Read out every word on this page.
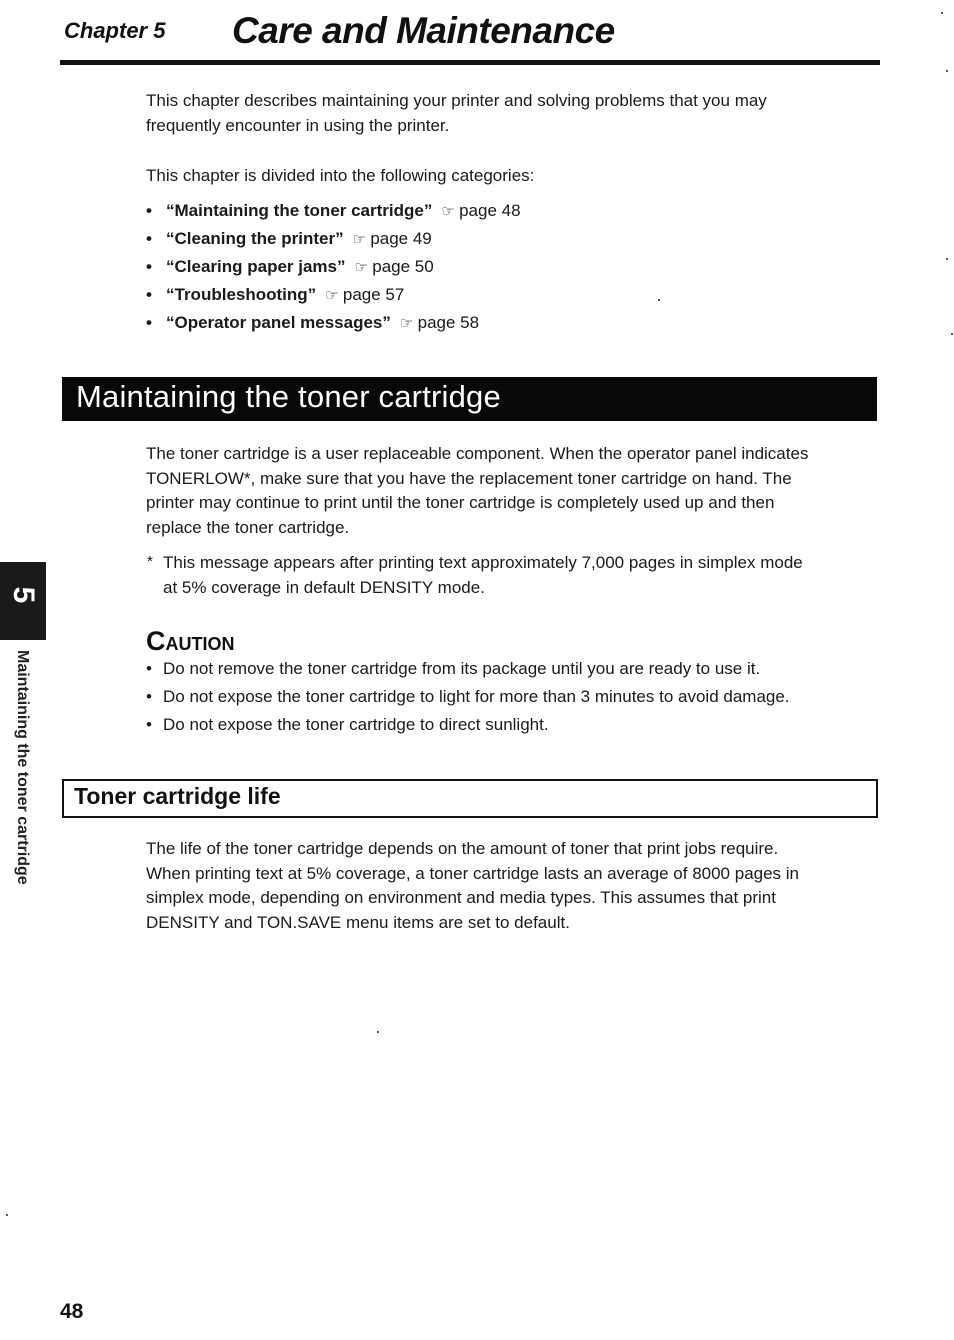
Chapter 5 Care and Maintenance
This chapter describes maintaining your printer and solving problems that you may
frequently encounter in using the printer.
This chapter is divided into the following categories:
• “Maintaining the toner cartridge” ☞ page 48
• “Cleaning the printer” ☞ page 49
• “Clearing paper jams” ☞ page 50
• “Troubleshooting” ☞ page 57
• “Operator panel messages” ☞ page 58
Maintaining the toner cartridge
The toner cartridge is a user replaceable component. When the operator panel indicates
TONERLOW*, make sure that you have the replacement toner cartridge on hand. The
printer may continue to print until the toner cartridge is completely used up and then
replace the toner cartridge.
* This message appears after printing text approximately 7,000 pages in simplex mode
at 5% coverage in default DENSITY mode.
CAUTION
• Do not remove the toner cartridge from its package until you are ready to use it.
• Do not expose the toner cartridge to light for more than 3 minutes to avoid damage.
• Do not expose the toner cartridge to direct sunlight.
Toner cartridge life
The life of the toner cartridge depends on the amount of toner that print jobs require.
When printing text at 5% coverage, a toner cartridge lasts an average of 8000 pages in
simplex mode, depending on environment and media types. This assumes that print
DENSITY and TON.SAVE menu items are set to default.
5
Maintaining the toner cartridge
48
